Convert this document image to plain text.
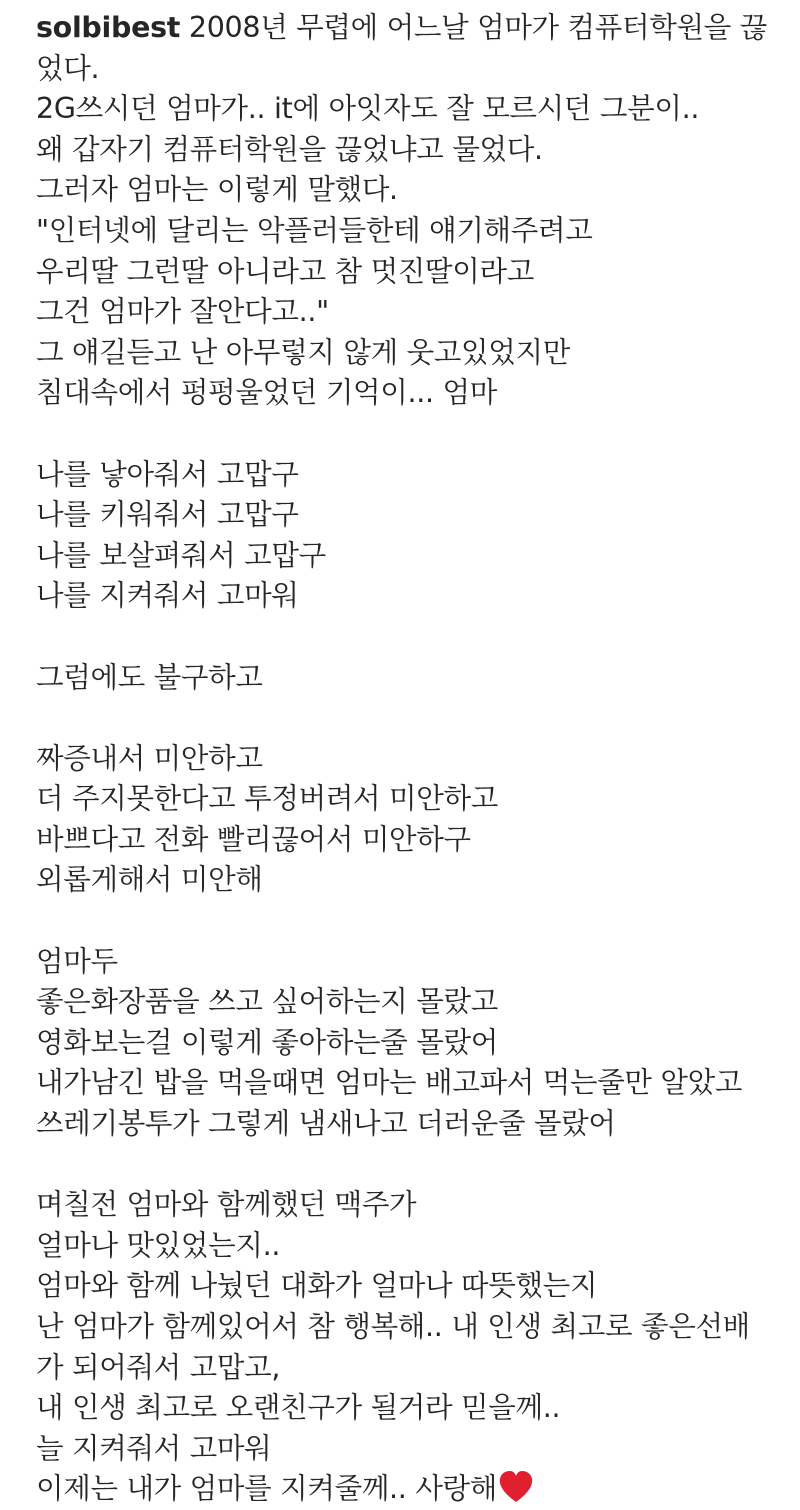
solbibest 2008년 무렵에 어느날 엄마가 컴퓨터학원을 끊
었다.
2G쓰시던 엄마가.. it에 아잇자도 잘 모르시던 그분이..
왜 갑자기 컴퓨터학원을 끊었냐고 물었다.
그러자 엄마는 이렇게 말했다.
"인터넷에 달리는 악플러들한테 얘기해주려고
우리딸 그런딸 아니라고 참 멋진딸이라고
그건 엄마가 잘안다고.."
그 얘길듣고 난 아무렇지 않게 웃고있었지만
침대속에서 펑펑울었던 기억이... 엄마
나를 낳아줘서 고맙구
나를 키워줘서 고맙구
나를 보살펴줘서 고맙구
나를 지켜줘서 고마워
그럼에도 불구하고
짜증내서 미안하고
더 주지못한다고 투정버려서 미안하고
바쁘다고 전화 빨리끊어서 미안하구
외롭게해서 미안해
엄마두
좋은화장품을 쓰고 싶어하는지 몰랐고
영화보는걸 이렇게 좋아하는줄 몰랐어
내가남긴 밥을 먹을때면 엄마는 배고파서 먹는줄만 알았고
쓰레기봉투가 그렇게 냄새나고 더러운줄 몰랐어
며칠전 엄마와 함께했던 맥주가
얼마나 맛있었는지..
엄마와 함께 나눴던 대화가 얼마나 따뜻했는지
난 엄마가 함께있어서 참 행복해.. 내 인생 최고로 좋은선배
가 되어줘서 고맙고,
내 인생 최고로 오랜친구가 될거라 믿을께..
늘 지켜줘서 고마워
이제는 내가 엄마를 지켜줄께.. 사랑해
